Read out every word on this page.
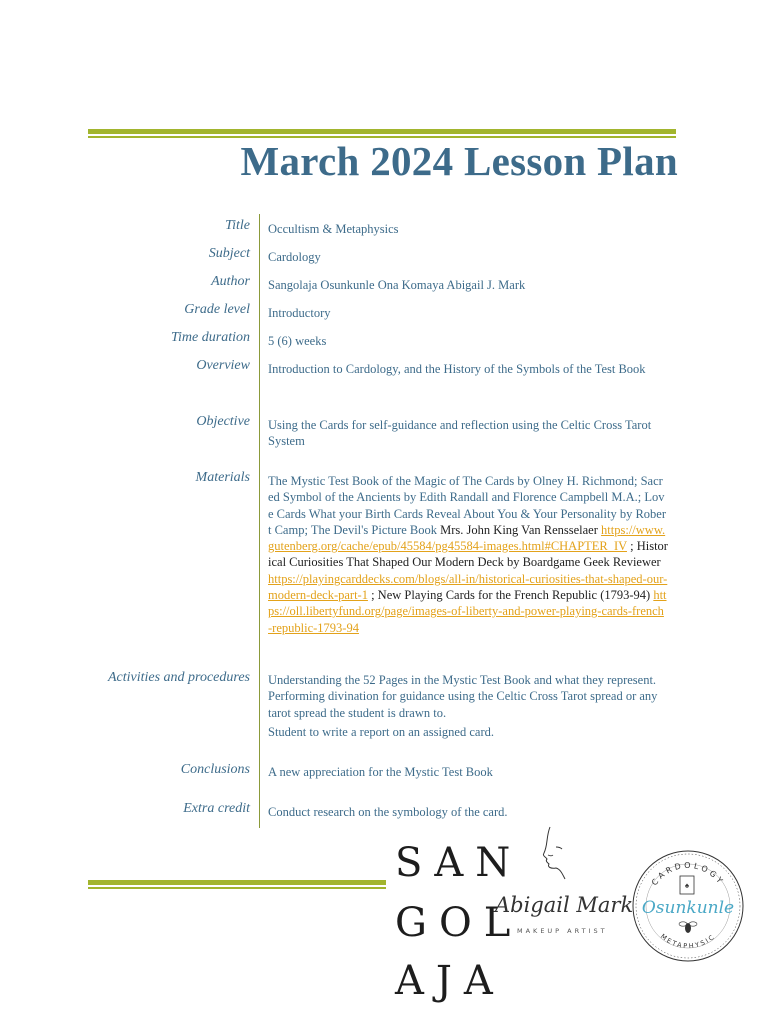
March 2024 Lesson Plan
Title Occultism & Metaphysics
Subject Cardology
Author Sangolaja Osunkunle Ona Komaya Abigail J. Mark
Grade level Introductory
Time duration 5 (6) weeks
Overview Introduction to Cardology, and the History of the Symbols of the Test Book
Objective Using the Cards for self-guidance and reflection using the Celtic Cross Tarot System
Materials The Mystic Test Book of the Magic of The Cards by Olney H. Richmond; Sacred Symbol of the Ancients by Edith Randall and Florence Campbell M.A.; Love Cards What your Birth Cards Reveal About You & Your Personality by Robert Camp; The Devil's Picture Book Mrs. John King Van Rensselaer https://www.gutenberg.org/cache/epub/45584/pg45584-images.html#CHAPTER_IV ; Historical Curiosities That Shaped Our Modern Deck by Boardgame Geek Reviewer https://playingcarddecks.com/blogs/all-in/historical-curiosities-that-shaped-our-modern-deck-part-1 ; New Playing Cards for the French Republic (1793-94) https://oll.libertyfund.org/page/images-of-liberty-and-power-playing-cards-french-republic-1793-94
Activities and procedures Understanding the 52 Pages in the Mystic Test Book and what they represent. Performing divination for guidance using the Celtic Cross Tarot spread or any tarot spread the student is drawn to.
Student to write a report on an assigned card.
Conclusions A new appreciation for the Mystic Test Book
Extra credit Conduct research on the symbology of the card.
SAN
GOL
AJA
Abigail Mark
MAKEUP ARTIST
CARDOLOGY
METAPHYSIC
♠
Osunkunle
